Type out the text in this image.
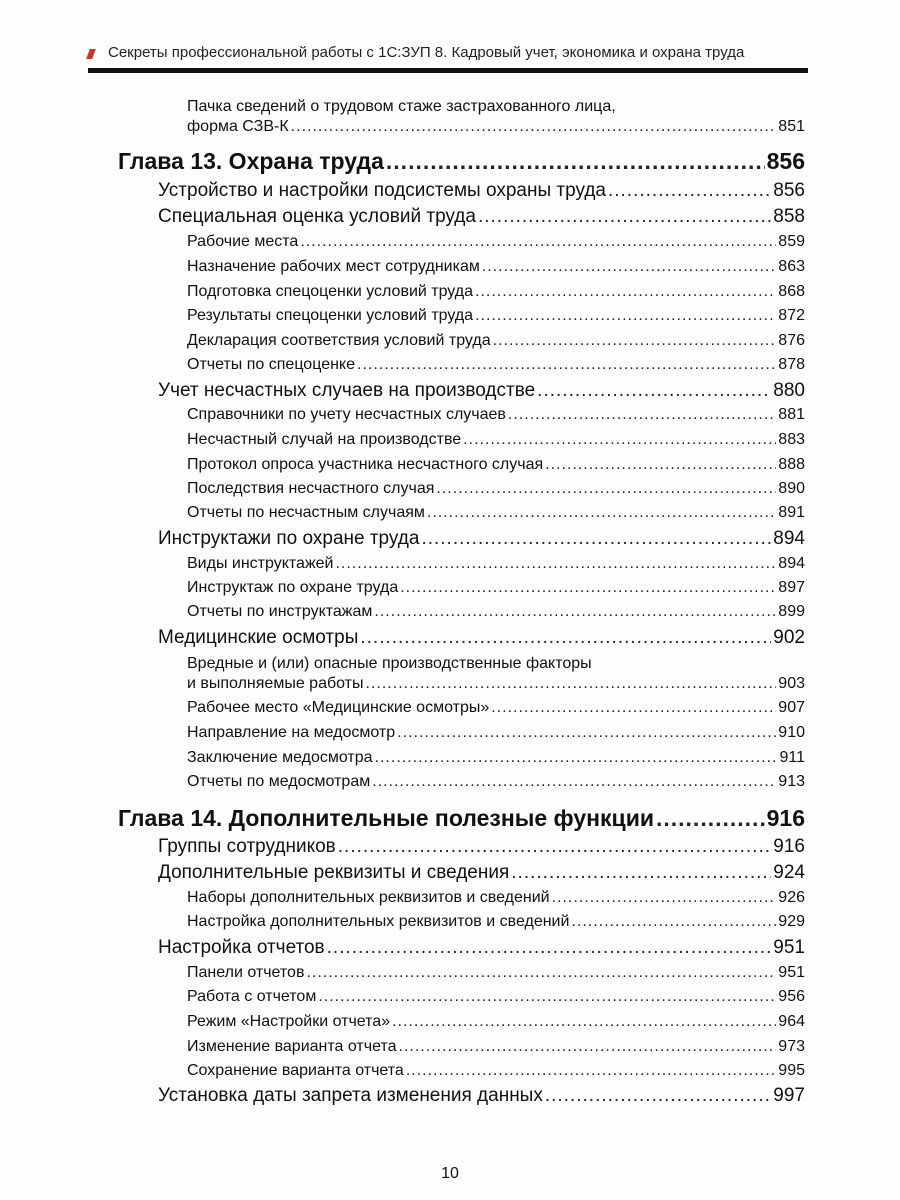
Секреты профессиональной работы с 1С:ЗУП 8. Кадровый учет, экономика и охрана труда
Пачка сведений о трудовом стаже застрахованного лица,
форма СЗВ-К .....	851
Глава 13. Охрана труда .....	856
Устройство и настройки подсистемы охраны труда .....	856
Специальная оценка условий труда .....	858
Рабочие места .....	859
Назначение рабочих мест сотрудникам .....	863
Подготовка спецоценки условий труда .....	868
Результаты спецоценки условий труда .....	872
Декларация соответствия условий труда .....	876
Отчеты по спецоценке .....	878
Учет несчастных случаев на производстве .....	880
Справочники по учету несчастных случаев .....	881
Несчастный случай на производстве .....	883
Протокол опроса участника несчастного случая .....	888
Последствия несчастного случая .....	890
Отчеты по несчастным случаям .....	891
Инструктажи по охране труда .....	894
Виды инструктажей .....	894
Инструктаж по охране труда .....	897
Отчеты по инструктажам .....	899
Медицинские осмотры .....	902
Вредные и (или) опасные производственные факторы
и выполняемые работы .....	903
Рабочее место «Медицинские осмотры» .....	907
Направление на медосмотр .....	910
Заключение медосмотра .....	911
Отчеты по медосмотрам .....	913
Глава 14. Дополнительные полезные функции .....	916
Группы сотрудников .....	916
Дополнительные реквизиты и сведения .....	924
Наборы дополнительных реквизитов и сведений .....	926
Настройка дополнительных реквизитов и сведений .....	929
Настройка отчетов .....	951
Панели отчетов .....	951
Работа с отчетом .....	956
Режим «Настройки отчета» .....	964
Изменение варианта отчета .....	973
Сохранение варианта отчета .....	995
Установка даты запрета изменения данных .....	997
10
